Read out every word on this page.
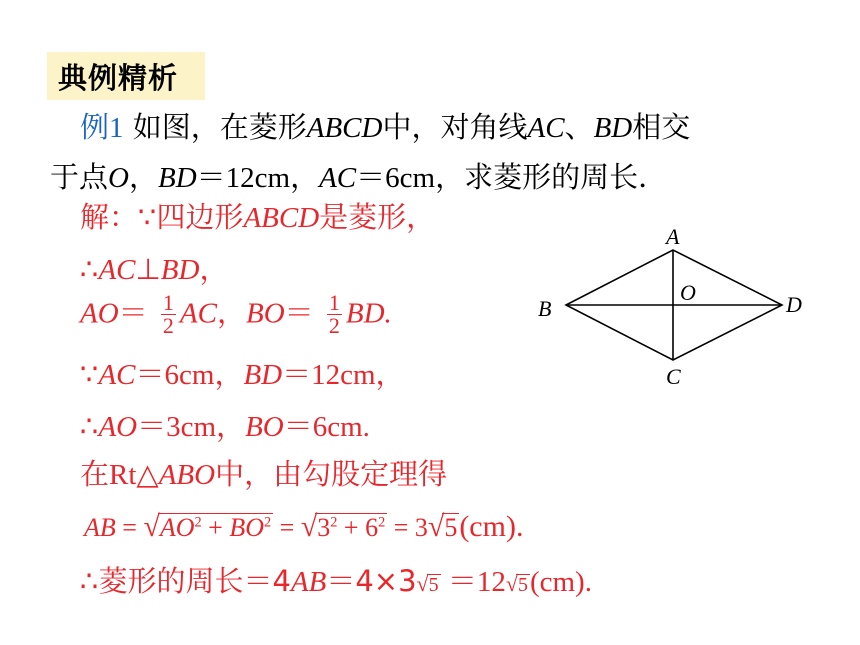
典例精析
例1 如图，在菱形ABCD中，对角线AC、BD相交
于点O，BD＝12cm，AC＝6cm，求菱形的周长．
解：∵四边形ABCD是菱形，
∴AC⊥BD，
$AO= \frac{1}{2}$ AC，$BO= \frac{1}{2}$ BD.
∵AC＝6cm，BD＝12cm，
∴AO＝3cm，BO＝6cm.
在Rt△ABO中，由勾股定理得
AB = $√AO^2 + BO^2 = √3^2 + 6^2 = 3√5(cm)$.
∴菱形的周长＝4AB＝4×3√5 ＝12√5(cm).
A
B
C
D
O
